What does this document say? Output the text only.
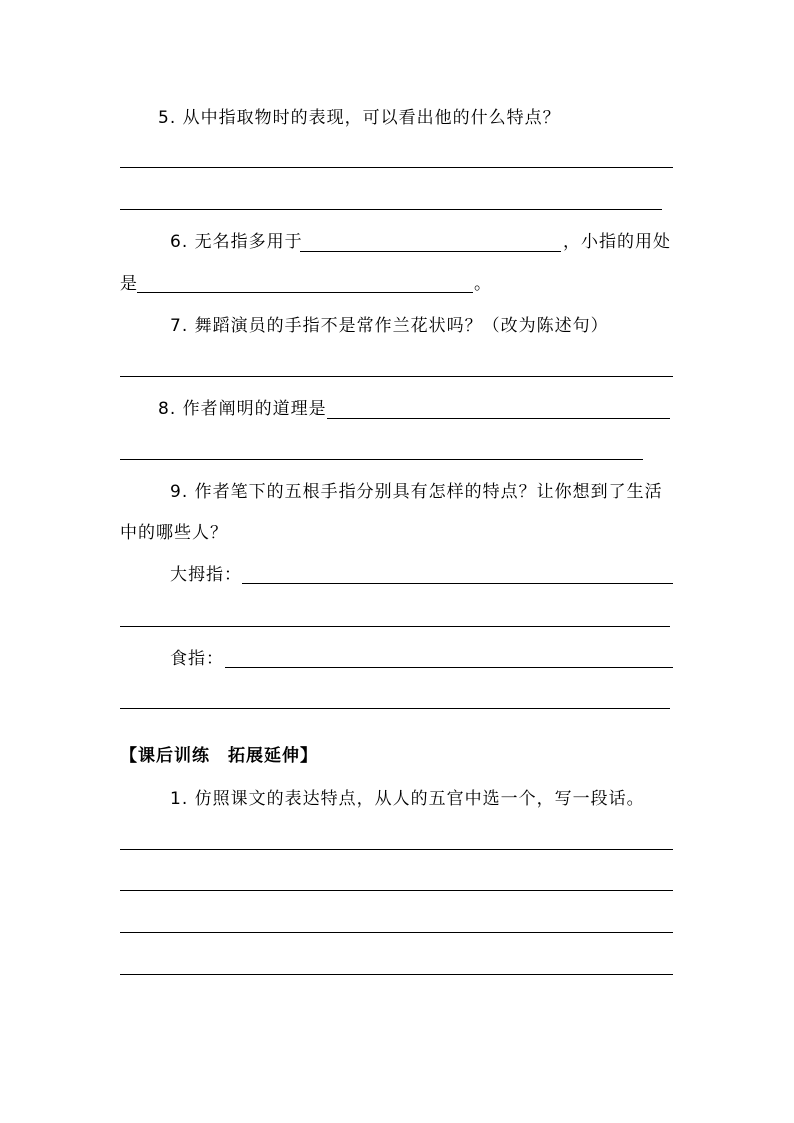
5. 从中指取物时的表现，可以看出他的什么特点？
6. 无名指多用于	，小指的用处
是	。
7. 舞蹈演员的手指不是常作兰花状吗？（改为陈述句）
8. 作者阐明的道理是
9. 作者笔下的五根手指分别具有怎样的特点？让你想到了生活
中的哪些人？
大拇指：
食指：
【课后训练　拓展延伸】
1. 仿照课文的表达特点，从人的五官中选一个，写一段话。
